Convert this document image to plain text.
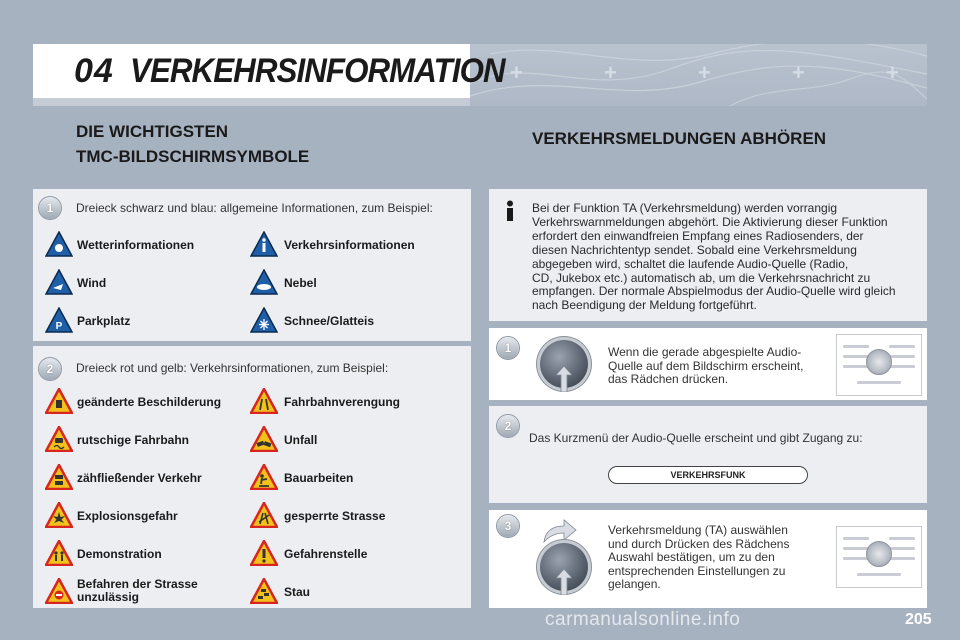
+	+	+	+	+
04 VERKEHRSINFORMATION
DIE WICHTIGSTEN
TMC-BILDSCHIRMSYMBOLE
VERKEHRSMELDUNGEN ABHÖREN
1	Dreieck schwarz und blau: allgemeine Informationen, zum Beispiel:
Wetterinformationen	Verkehrsinformationen
Wind	Nebel
P Parkplatz	Schnee/Glatteis
2	Dreieck rot und gelb: Verkehrsinformationen, zum Beispiel:
geänderte Beschilderung	Fahrbahnverengung
rutschige Fahrbahn	Unfall
zähfließender Verkehr	Bauarbeiten
Explosionsgefahr	gesperrte Strasse
Demonstration	Gefahrenstelle
Befahren der Strasse
unzulässig	Stau
Bei der Funktion TA (Verkehrsmeldung) werden vorrangig
Verkehrswarnmeldungen abgehört. Die Aktivierung dieser Funktion
erfordert den einwandfreien Empfang eines Radiosenders, der
diesen Nachrichtentyp sendet. Sobald eine Verkehrsmeldung
abgegeben wird, schaltet die laufende Audio-Quelle (Radio,
CD, Jukebox etc.) automatisch ab, um die Verkehrsnachricht zu
empfangen. Der normale Abspielmodus der Audio-Quelle wird gleich
nach Beendigung der Meldung fortgeführt.
1	Wenn die gerade abgespielte Audio-
Quelle auf dem Bildschirm erscheint,
das Rädchen drücken.
2
Das Kurzmenü der Audio-Quelle erscheint und gibt Zugang zu:
VERKEHRSFUNK
3	Verkehrsmeldung (TA) auswählen
und durch Drücken des Rädchens
Auswahl bestätigen, um zu den
entsprechenden Einstellungen zu
gelangen.
carmanualsonline.info	205
